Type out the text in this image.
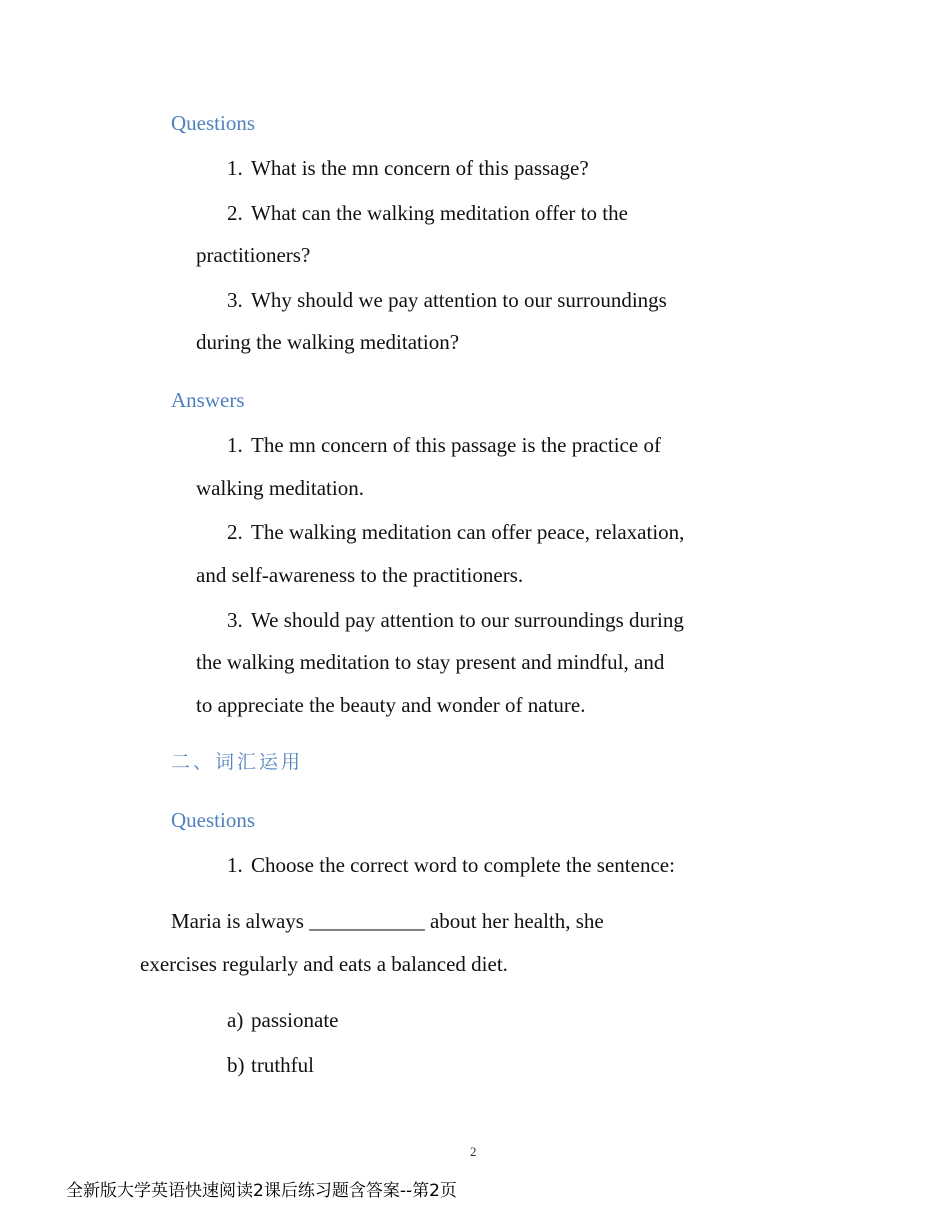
Questions
1. What is the mn concern of this passage?
2. What can the walking meditation offer to the
practitioners?
3. Why should we pay attention to our surroundings
during the walking meditation?
Answers
1. The mn concern of this passage is the practice of
walking meditation.
2. The walking meditation can offer peace, relaxation,
and self-awareness to the practitioners.
3. We should pay attention to our surroundings during
the walking meditation to stay present and mindful, and
to appreciate the beauty and wonder of nature.
二、词汇运用
Questions
1. Choose the correct word to complete the sentence:
Maria is always ___________ about her health, she
exercises regularly and eats a balanced diet.
a) passionate
b) truthful
2
全新版大学英语快速阅读2课后练习题含答案--第2页
